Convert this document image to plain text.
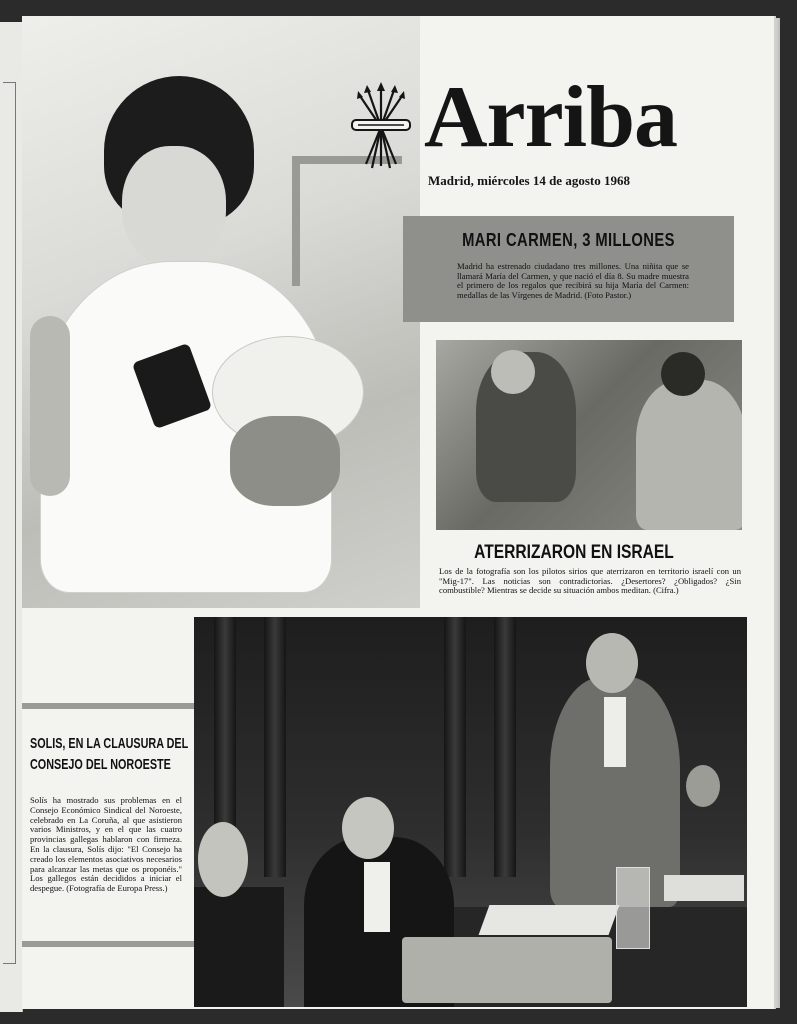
Arriba
Madrid, miércoles 14 de agosto 1968
MARI CARMEN, 3 MILLONES

Madrid ha estrenado ciudadano tres millones. Una niñita que se llamará María del Carmen, y que nació el día 8. Su madre muestra el primero de los regalos que recibirá su hija María del Carmen: medallas de las Vírgenes de Madrid. (Foto Pastor.)

ATERRIZARON EN ISRAEL

Los de la fotografía son los pilotos sirios que aterrizaron en territorio israelí con un "Mig-17". Las noticias son contradictorias. ¿Desertores? ¿Obligados? ¿Sin combustible? Mientras se decide su situación ambos meditan. (Cifra.)

SOLIS, EN LA CLAUSURA DEL
CONSEJO DEL NOROESTE

Solís ha mostrado sus problemas en el Consejo Económico Sindical del Noroeste, celebrado en La Coruña, al que asistieron varios Ministros, y en el que las cuatro provincias gallegas hablaron con firmeza. En la clausura, Solís dijo: "El Consejo ha creado los elementos asociativos necesarios para alcanzar las metas que os proponéis." Los gallegos están decididos a iniciar el despegue. (Fotografía de Europa Press.)
